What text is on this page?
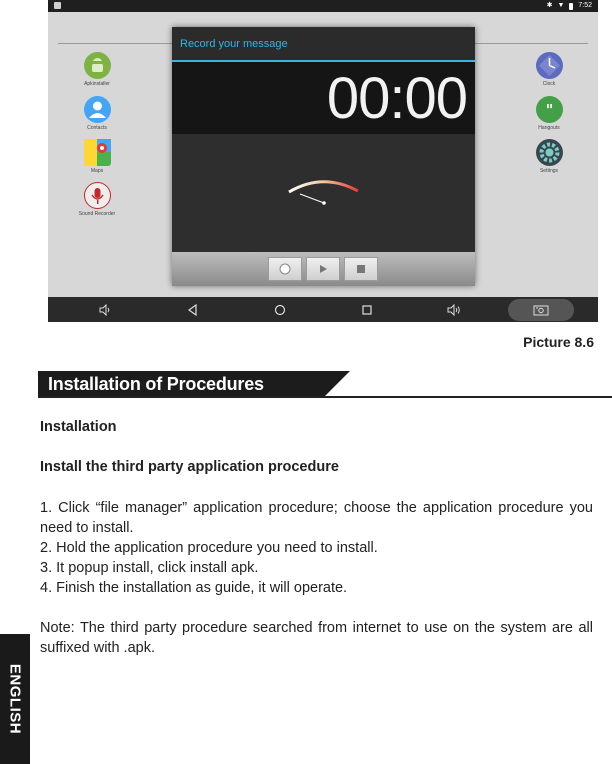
✱ ▼ 7:52
Apkinstaller
Contacts
Maps
Sound Recorder
Clock
"
Hangouts
Settings
Record your message
00:00
Picture 8.6
Installation of Procedures
Installation
Install the third party application procedure
1. Click “file manager” application procedure; choose the application procedure you need to install.
2. Hold the application procedure you need to install.
3. It popup install, click install apk.
4. Finish the installation as guide, it will operate.
Note: The third party procedure searched from internet to use on the system are all suffixed with .apk.
ENGLISH
